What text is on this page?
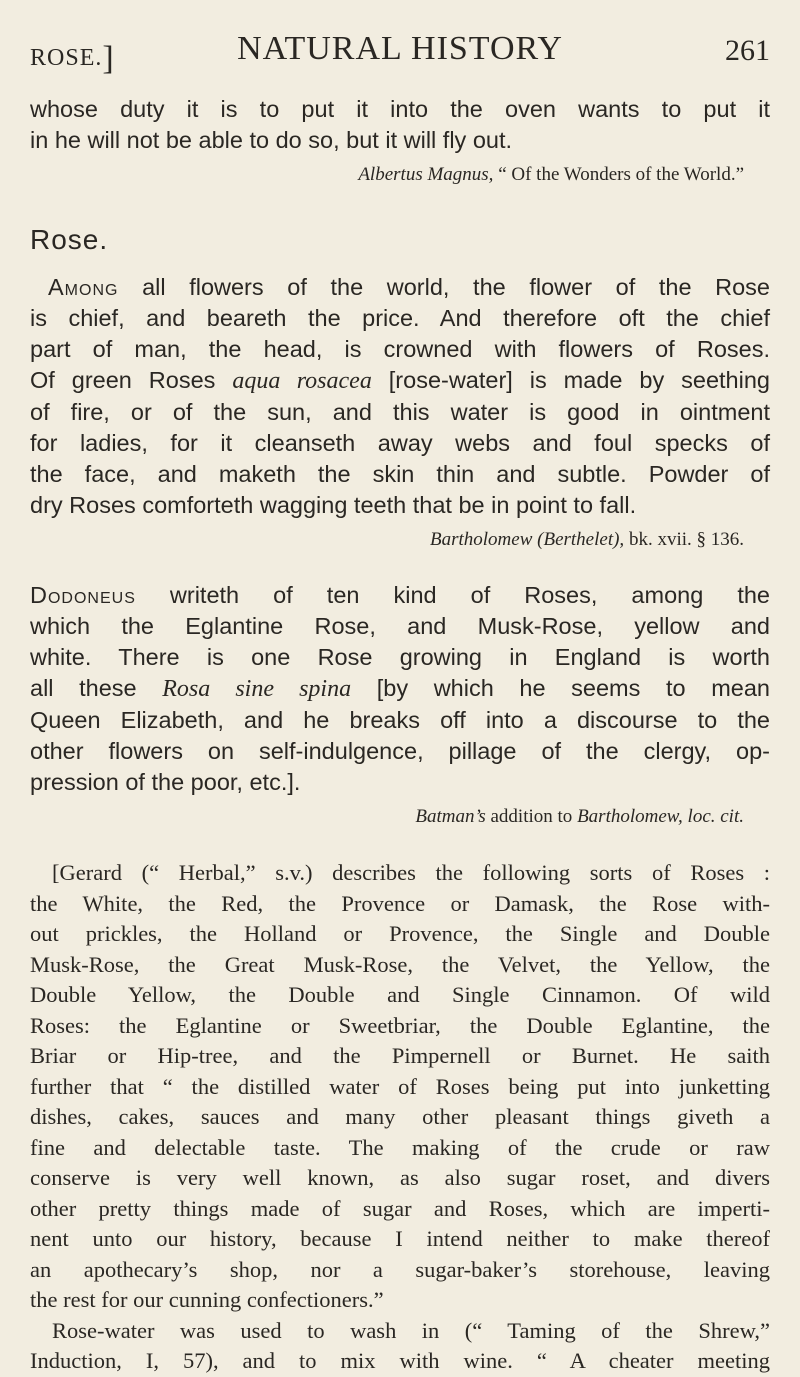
ROSE.]	NATURAL HISTORY	261

whose duty it is to put it into the oven wants to put it
in he will not be able to do so, but it will fly out.

Albertus Magnus, “ Of the Wonders of the World.”

Rose.

Among all flowers of the world, the flower of the Rose
is chief, and beareth the price. And therefore oft the chief
part of man, the head, is crowned with flowers of Roses.
Of green Roses aqua rosacea [rose-water] is made by seething
of fire, or of the sun, and this water is good in ointment
for ladies, for it cleanseth away webs and foul specks of
the face, and maketh the skin thin and subtle. Powder of
dry Roses comforteth wagging teeth that be in point to fall.

Bartholomew (Berthelet), bk. xvii. § 136.

Dodoneus writeth of ten kind of Roses, among the
which the Eglantine Rose, and Musk-Rose, yellow and
white. There is one Rose growing in England is worth
all these Rosa sine spina [by which he seems to mean
Queen Elizabeth, and he breaks off into a discourse to the
other flowers on self-indulgence, pillage of the clergy, op-
pression of the poor, etc.].

Batman’s addition to Bartholomew, loc. cit.

[Gerard (“ Herbal,” s.v.) describes the following sorts of Roses :
the White, the Red, the Provence or Damask, the Rose with-
out prickles, the Holland or Provence, the Single and Double
Musk-Rose, the Great Musk-Rose, the Velvet, the Yellow, the
Double Yellow, the Double and Single Cinnamon. Of wild
Roses: the Eglantine or Sweetbriar, the Double Eglantine, the
Briar or Hip-tree, and the Pimpernell or Burnet. He saith
further that “ the distilled water of Roses being put into junketting
dishes, cakes, sauces and many other pleasant things giveth a
fine and delectable taste. The making of the crude or raw
conserve is very well known, as also sugar roset, and divers
other pretty things made of sugar and Roses, which are imperti-
nent unto our history, because I intend neither to make thereof
an apothecary’s shop, nor a sugar-baker’s storehouse, leaving
the rest for our cunning confectioners.”
Rose-water was used to wash in (“ Taming of the Shrew,”
Induction, I, 57), and to mix with wine. “ A cheater meeting
